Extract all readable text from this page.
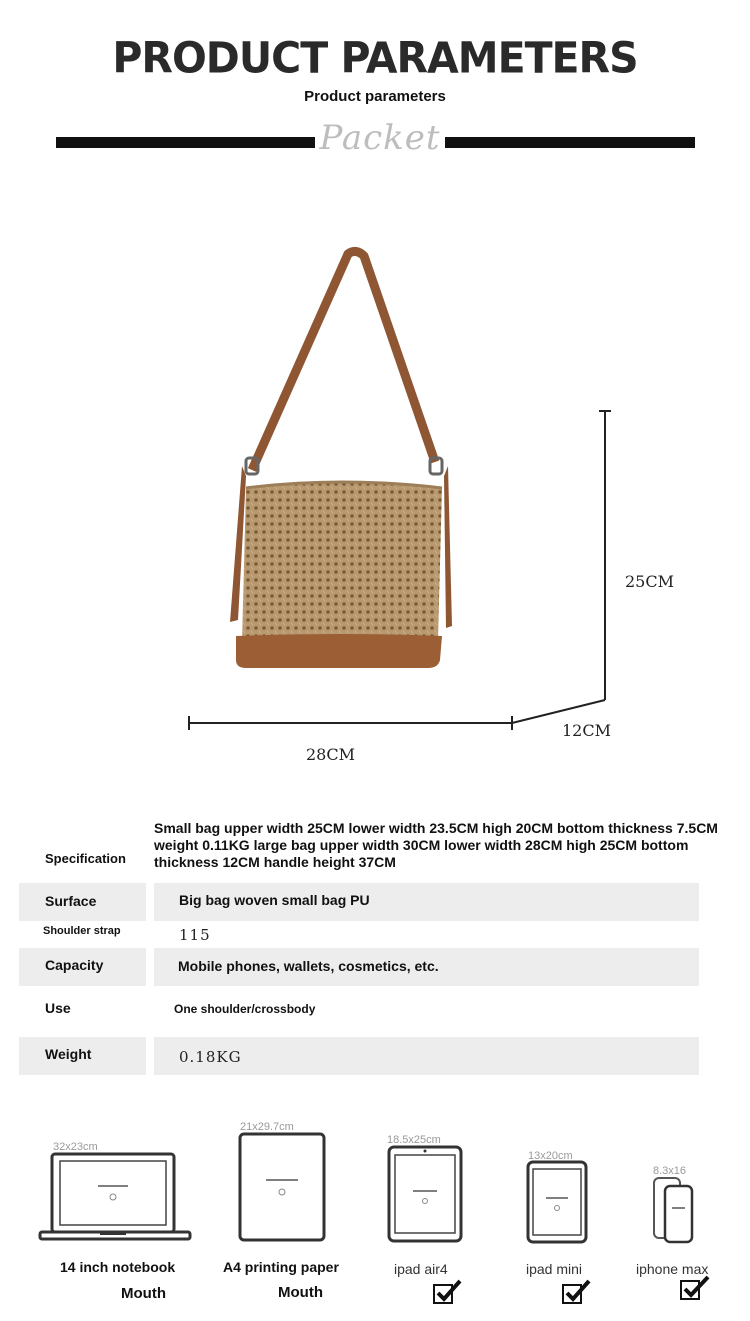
PRODUCT PARAMETERS
Product parameters
Packet
25CM
28CM
12CM
Specification
Small bag upper width 25CM lower width 23.5CM high 20CM bottom thickness 7.5CM weight 0.11KG large bag upper width 30CM lower width 28CM high 25CM bottom thickness 12CM handle height 37CM
Surface	Big bag woven small bag PU
Shoulder strap	115
Capacity	Mobile phones, wallets, cosmetics, etc.
Use	One shoulder/crossbody
Weight	0.18KG
32x23cm
14 inch notebook
Mouth
21x29.7cm
A4 printing paper
Mouth
18.5x25cm
ipad air4
13x20cm
ipad mini
8.3x16
iphone max
